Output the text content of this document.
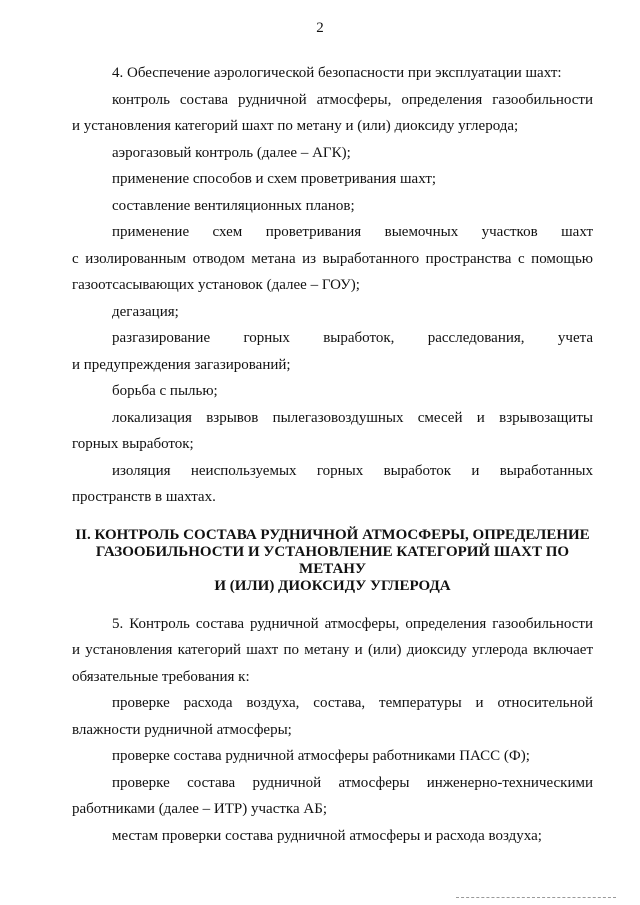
2

4. Обеспечение аэрологической безопасности при эксплуатации шахт:

контроль состава рудничной атмосферы, определения газообильности
и установления категорий шахт по метану и (или) диоксиду углерода;

аэрогазовый контроль (далее – АГК);

применение способов и схем проветривания шахт;

составление вентиляционных планов;

применение схем проветривания выемочных участков шахт
с изолированным отводом метана из выработанного пространства с помощью
газоотсасывающих установок (далее – ГОУ);

дегазация;

разгазирование горных выработок, расследования, учета
и предупреждения загазирований;

борьба с пылью;

локализация взрывов пылегазовоздушных смесей и взрывозащиты
горных выработок;
изоляция неиспользуемых горных выработок и выработанных
пространств в шахтах.
II. КОНТРОЛЬ СОСТАВА РУДНИЧНОЙ АТМОСФЕРЫ, ОПРЕДЕЛЕНИЕ
ГАЗООБИЛЬНОСТИ И УСТАНОВЛЕНИЕ КАТЕГОРИЙ ШАХТ ПО МЕТАНУ
И (ИЛИ) ДИОКСИДУ УГЛЕРОДА
5. Контроль состава рудничной атмосферы, определения газообильности
и установления категорий шахт по метану и (или) диоксиду углерода включает
обязательные требования к:
проверке расхода воздуха, состава, температуры и относительной
влажности рудничной атмосферы;

проверке состава рудничной атмосферы работниками ПАСС (Ф);

проверке состава рудничной атмосферы инженерно-техническими
работниками (далее – ИТР) участка АБ;

местам проверки состава рудничной атмосферы и расхода воздуха;
